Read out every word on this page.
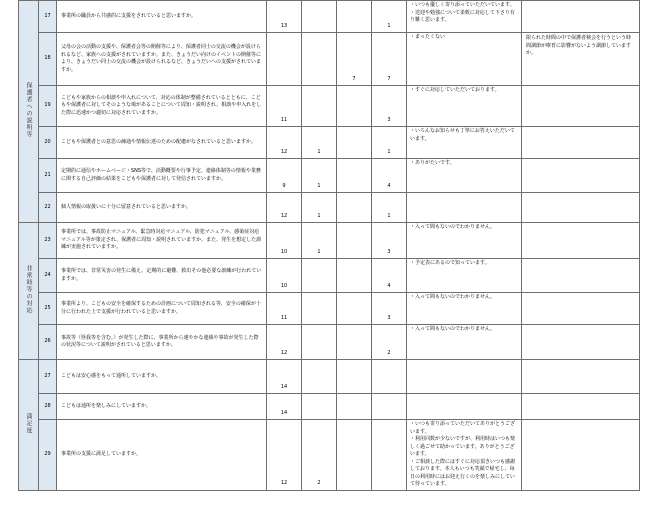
保護者への説明等	17	事業所の職員から共感的に支援をされていると思いますか。	13			1	・いつも優しく寄り添っていただいています。
・送迎や勉強について柔軟に対応して下さり有り難く思います。	

	18	父母の会の活動の支援や、保護者会等の開催等により、保護者同士の交流の機会が設けられるなど、家族への支援がされていますか。また、きょうだい向けのイベントの開催等により、きょうだい同士の交流の機会が設けられるなど、きょうだいへの支援がされていますか。			7	7	・まったくない	限られた時間の中で保護者検会を行うという時間調節が療育に影響がないよう調節していますか。
	19	こどもや家族からの相談や申入れについて、対応の体制が整備されているとともに、こどもや保護者に対してそのような場があることについて周知・説明され、相談や申入れをした際に迅速かつ適切に対応されていますか。	11			3	・すぐに対応していただいております。	

	20	こどもや保護者との意思の疎通や情報伝達のための配慮がなされていると思いますか。	12	1		1	・いろんなお知らせも丁寧にお答えいただいています。	

	21	定期的に通信やホームページ・SNS等で、活動概要や行事予定、連絡体制等の情報や業務に関する自己評価の結果をこどもや保護者に対して発信されていますか。	9	1		4	・ありがたいです。	

	22	個人情報の取扱いに十分に留意されていると思いますか。	12	1		1		
非常時等の対応	23	事業所では、事故防止マニュアル、緊急時対応マニュアル、防犯マニュアル、感染症対応マニュアル等が策定され、保護者に周知・説明されていますか。また、発生を想定した訓練が実施されていますか。	10	1		3	・入って間もないのでわかりません。	

	24	事業所では、非常災害の発生に備え、定期的に避難、救出その他必要な訓練が行われていますか。	10			4	・予定表にあるので知っています。	

	25	事業所より、こどもの安全を確保するための計画について周知される等、安全の確保が十分に行われた上で支援が行われていると思いますか。	11			3	・入って間もないのでわかりません。	

	26	事故等（怪我等を含む。）が発生した際に、事業所から速やかな連絡や事故が発生した際の状況等について説明がされていると思いますか。	12			2	・入って間もないのでわかりません。	

満足度	27	こどもは安心感をもって通所していますか。	14					
	28	こどもは通所を楽しみにしていますか。	14					
	29	事業所の支援に満足していますか。	12	2			・いつも寄り添っていただいてありがとうございます。
・利用回数が少ないですが、利用時はいつも楽しく過ごせて助かっています。ありがとうございます。
・ご相談した際にはすぐに対応頂きいつも感謝しております。本人もいつも笑顔で帰宅し、毎日の利用時にはお迎え行くのを楽しみにしていて待っています。	
